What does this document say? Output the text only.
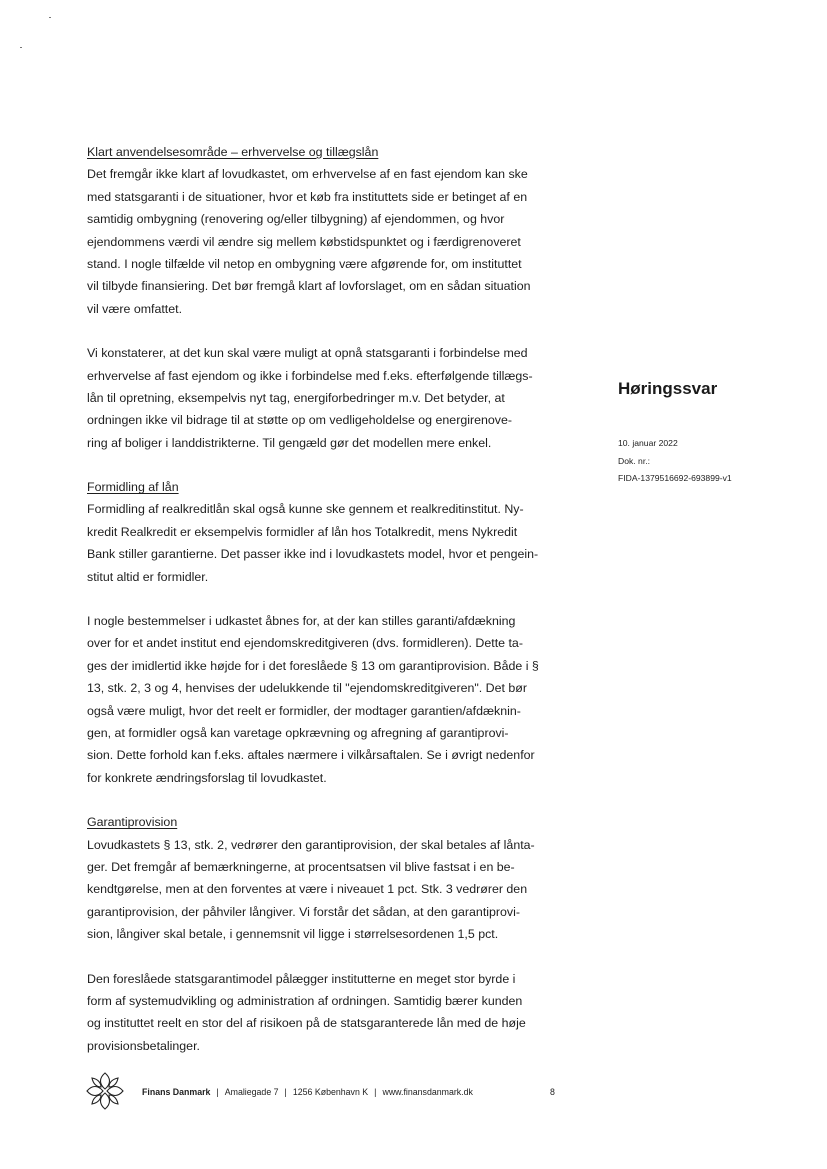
Klart anvendelsesområde – erhvervelse og tillægslån
Det fremgår ikke klart af lovudkastet, om erhvervelse af en fast ejendom kan ske
med statsgaranti i de situationer, hvor et køb fra instituttets side er betinget af en
samtidig ombygning (renovering og/eller tilbygning) af ejendommen, og hvor
ejendommens værdi vil ændre sig mellem købstidspunktet og i færdigrenoveret
stand. I nogle tilfælde vil netop en ombygning være afgørende for, om instituttet
vil tilbyde finansiering. Det bør fremgå klart af lovforslaget, om en sådan situation
vil være omfattet.
Vi konstaterer, at det kun skal være muligt at opnå statsgaranti i forbindelse med
erhvervelse af fast ejendom og ikke i forbindelse med f.eks. efterfølgende tillægs-
lån til opretning, eksempelvis nyt tag, energiforbedringer m.v. Det betyder, at
ordningen ikke vil bidrage til at støtte op om vedligeholdelse og energirenove-
ring af boliger i landdistrikterne. Til gengæld gør det modellen mere enkel.
Formidling af lån
Formidling af realkreditlån skal også kunne ske gennem et realkreditinstitut. Ny-
kredit Realkredit er eksempelvis formidler af lån hos Totalkredit, mens Nykredit
Bank stiller garantierne. Det passer ikke ind i lovudkastets model, hvor et pengein-
stitut altid er formidler.
I nogle bestemmelser i udkastet åbnes for, at der kan stilles garanti/afdækning
over for et andet institut end ejendomskreditgiveren (dvs. formidleren). Dette ta-
ges der imidlertid ikke højde for i det foreslåede § 13 om garantiprovision. Både i §
13, stk. 2, 3 og 4, henvises der udelukkende til "ejendomskreditgiveren". Det bør
også være muligt, hvor det reelt er formidler, der modtager garantien/afdæknin-
gen, at formidler også kan varetage opkrævning og afregning af garantiprovi-
sion. Dette forhold kan f.eks. aftales nærmere i vilkårsaftalen. Se i øvrigt nedenfor
for konkrete ændringsforslag til lovudkastet.
Garantiprovision
Lovudkastets § 13, stk. 2, vedrører den garantiprovision, der skal betales af låntа-
ger. Det fremgår af bemærkningerne, at procentsatsen vil blive fastsat i en be-
kendtgørelse, men at den forventes at være i niveauet 1 pct. Stk. 3 vedrører den
garantiprovision, der påhviler långiver. Vi forstår det sådan, at den garantiprovi-
sion, långiver skal betale, i gennemsnit vil ligge i størrelsesordenen 1,5 pct.
Den foreslåede statsgarantimodel pålægger institutterne en meget stor byrde i
form af systemudvikling og administration af ordningen. Samtidig bærer kunden
og instituttet reelt en stor del af risikoen på de statsgaranterede lån med de høje
provisionsbetalinger.
Høringssvar
10. januar 2022
Dok. nr.:
FIDA-1379516692-693899-v1
Finans Danmark | Amaliegade 7 | 1256 København K | www.finansdanmark.dk	8
